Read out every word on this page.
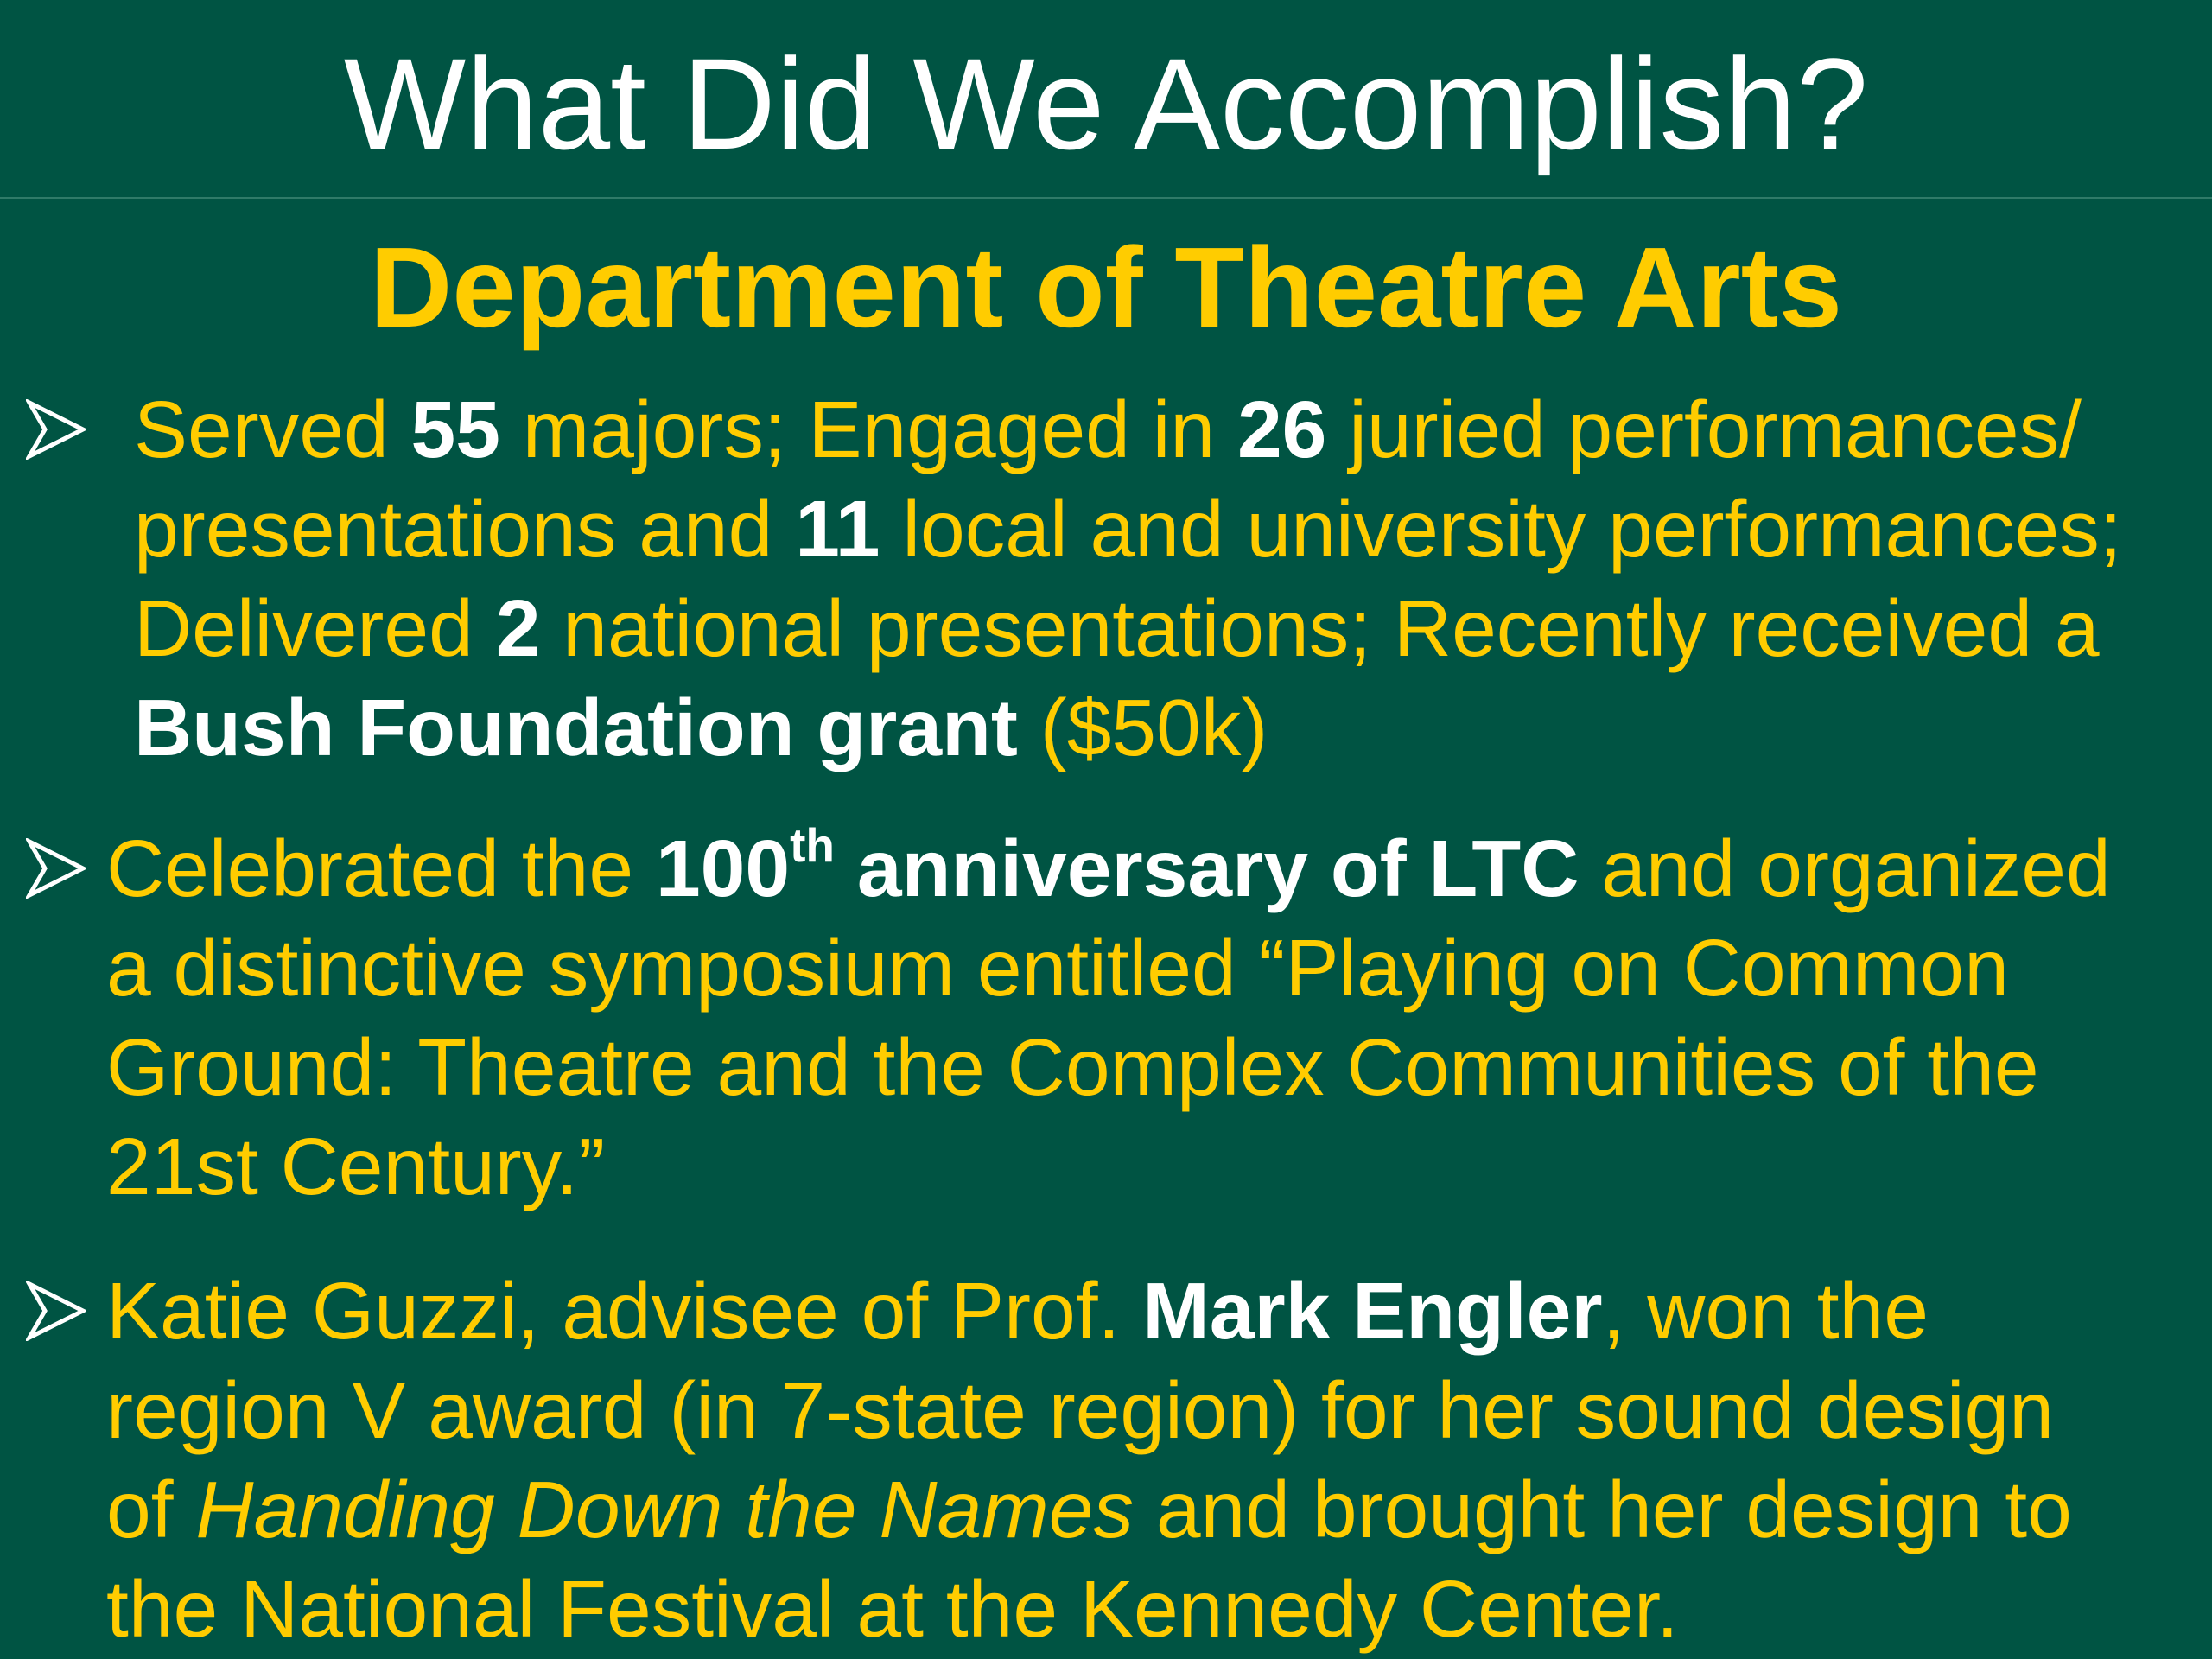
What Did We Accomplish?
Department of Theatre Arts
Served 55 majors; Engaged in 26 juried performances/
presentations and 11 local and university performances;
Delivered 2 national presentations; Recently received a
Bush Foundation grant ($50k)
Celebrated the 100th anniversary of LTC and organized
a distinctive symposium entitled “Playing on Common
Ground: Theatre and the Complex Communities of the
21st Century.”
Katie Guzzi, advisee of Prof. Mark Engler, won the
region V award (in 7-state region) for her sound design
of Handing Down the Names and brought her design to
the National Festival at the Kennedy Center.
